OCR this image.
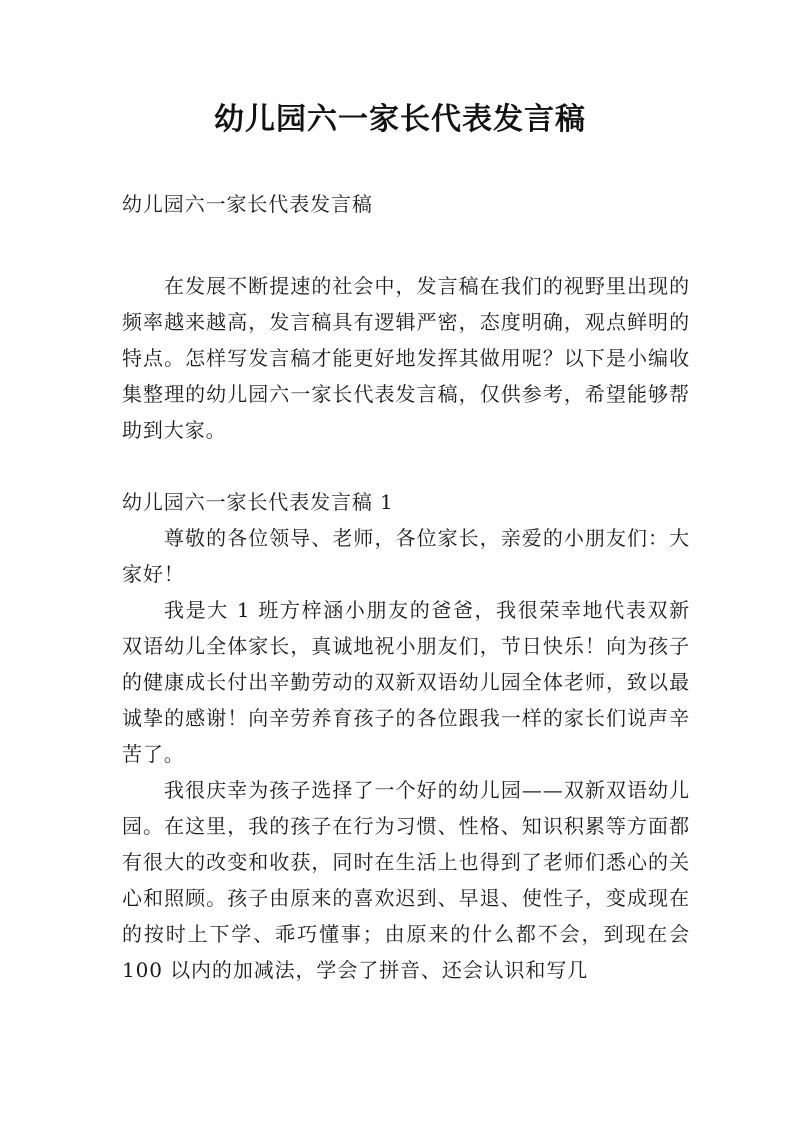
幼儿园六一家长代表发言稿

幼儿园六一家长代表发言稿

在发展不断提速的社会中，发言稿在我们的视野里出现的频率越来越高，发言稿具有逻辑严密，态度明确，观点鲜明的特点。怎样写发言稿才能更好地发挥其做用呢？以下是小编收集整理的幼儿园六一家长代表发言稿，仅供参考，希望能够帮助到大家。

幼儿园六一家长代表发言稿 1

尊敬的各位领导、老师，各位家长，亲爱的小朋友们：大家好！

我是大 1 班方梓涵小朋友的爸爸，我很荣幸地代表双新双语幼儿全体家长，真诚地祝小朋友们，节日快乐！向为孩子的健康成长付出辛勤劳动的双新双语幼儿园全体老师，致以最诚挚的感谢！向辛劳养育孩子的各位跟我一样的家长们说声辛苦了。

我很庆幸为孩子选择了一个好的幼儿园——双新双语幼儿园。在这里，我的孩子在行为习惯、性格、知识积累等方面都有很大的改变和收获，同时在生活上也得到了老师们悉心的关心和照顾。孩子由原来的喜欢迟到、早退、使性子，变成现在的按时上下学、乖巧懂事；由原来的什么都不会，到现在会 100 以内的加减法，学会了拼音、还会认识和写几
